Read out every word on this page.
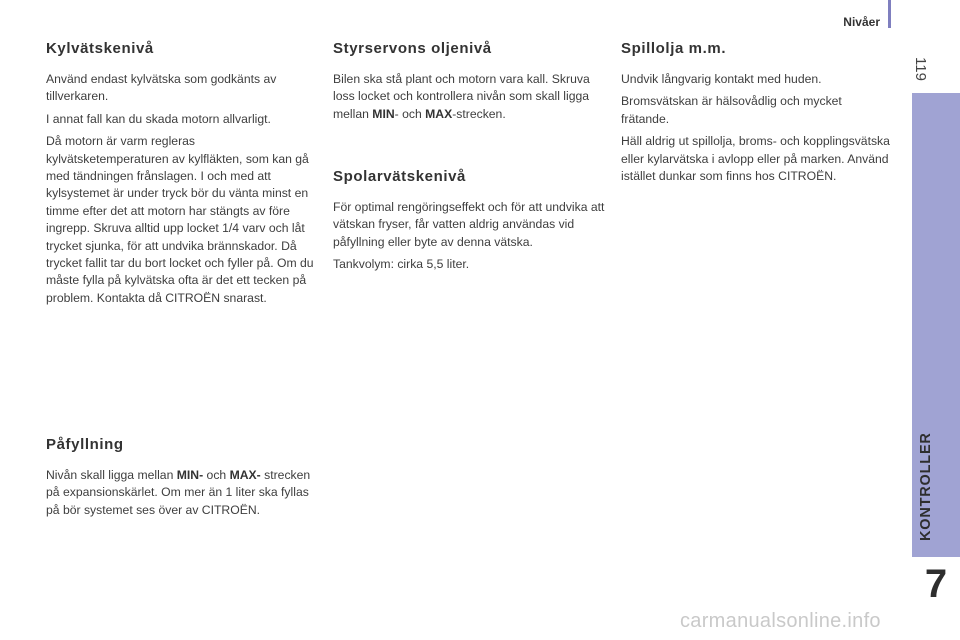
Nivåer
119
KONTROLLER
7
Kylvätskenivå

Använd endast kylvätska som godkänts av tillverkaren.

I annat fall kan du skada motorn allvarligt.

Då motorn är varm regleras kylvätsketemperaturen av kylfläkten, som kan gå med tändningen frånslagen. I och med att kylsystemet är under tryck bör du vänta minst en timme efter det att motorn har stängts av före ingrepp. Skruva alltid upp locket 1/4 varv och låt trycket sjunka, för att undvika brännskador. Då trycket fallit tar du bort locket och fyller på. Om du måste fylla på kylvätska ofta är det ett tecken på problem. Kontakta då CITROËN snarast.

Påfyllning

Nivån skall ligga mellan MIN- och MAX- strecken på expansionskärlet. Om mer än 1 liter ska fyllas på bör systemet ses över av CITROËN.

Styrservons oljenivå

Bilen ska stå plant och motorn vara kall. Skruva loss locket och kontrollera nivån som skall ligga mellan MIN- och MAX-strecken.

Spolarvätskenivå

För optimal rengöringseffekt och för att undvika att vätskan fryser, får vatten aldrig användas vid påfyllning eller byte av denna vätska.

Tankvolym: cirka 5,5 liter.

Spillolja m.m.

Undvik långvarig kontakt med huden.

Bromsvätskan är hälsovådlig och mycket frätande.

Häll aldrig ut spillolja, broms- och kopplingsvätska eller kylarvätska i avlopp eller på marken. Använd istället dunkar som finns hos CITROËN.

carmanualsonline.info
